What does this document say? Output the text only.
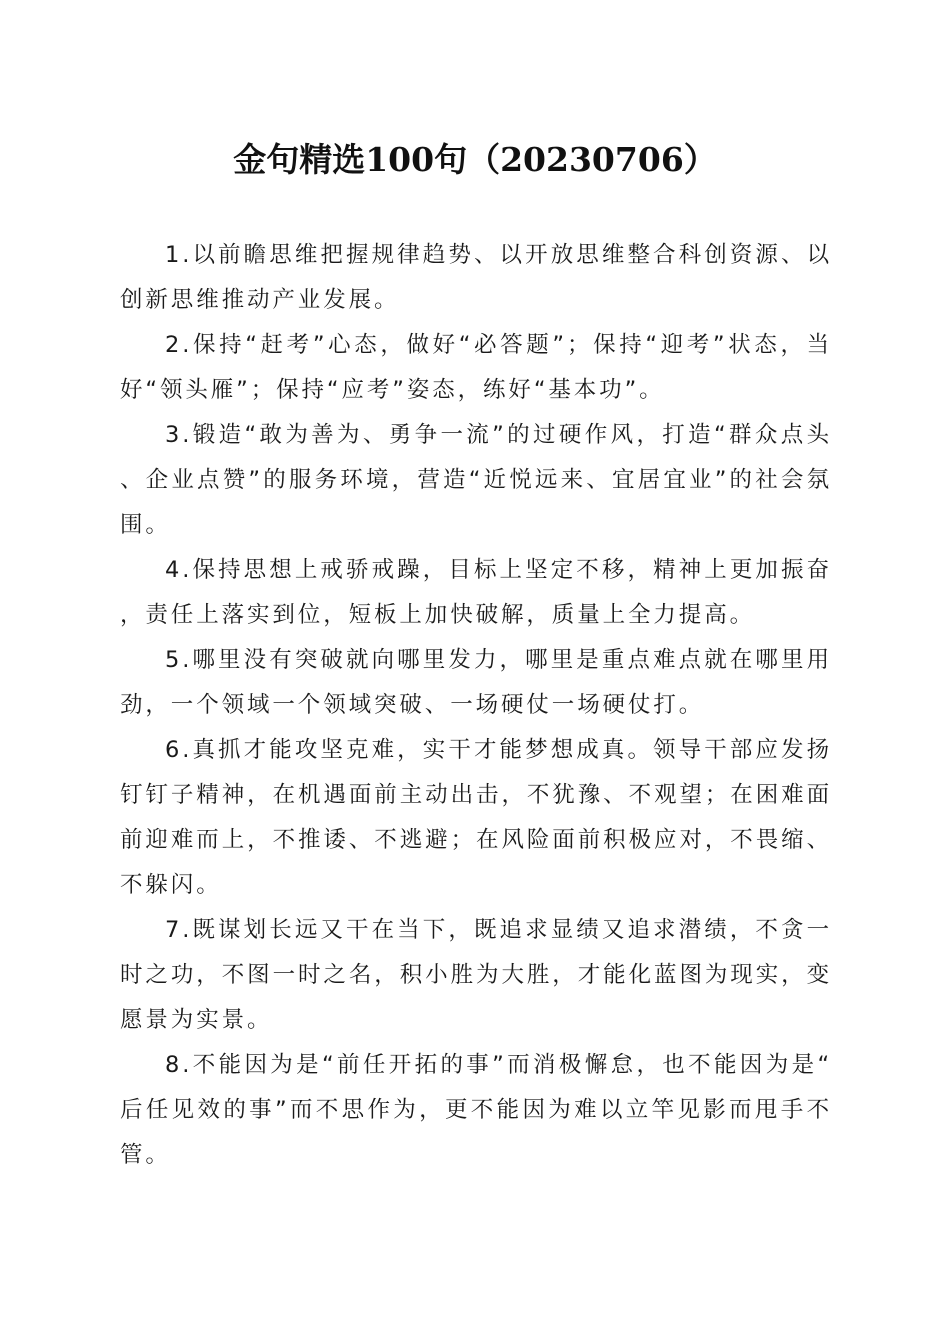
金句精选100句（20230706）

1.以前瞻思维把握规律趋势、以开放思维整合科创资源、以创新思维推动产业发展。

2.保持“赶考”心态，做好“必答题”；保持“迎考”状态，当好“领头雁”；保持“应考”姿态，练好“基本功”。

3.锻造“敢为善为、勇争一流”的过硬作风，打造“群众点头、企业点赞”的服务环境，营造“近悦远来、宜居宜业”的社会氛围。

4.保持思想上戒骄戒躁，目标上坚定不移，精神上更加振奋，责任上落实到位，短板上加快破解，质量上全力提高。

5.哪里没有突破就向哪里发力，哪里是重点难点就在哪里用劲，一个领域一个领域突破、一场硬仗一场硬仗打。

6.真抓才能攻坚克难，实干才能梦想成真。领导干部应发扬钉钉子精神，在机遇面前主动出击，不犹豫、不观望；在困难面前迎难而上，不推诿、不逃避；在风险面前积极应对，不畏缩、不躲闪。

7.既谋划长远又干在当下，既追求显绩又追求潜绩，不贪一时之功，不图一时之名，积小胜为大胜，才能化蓝图为现实，变愿景为实景。

8.不能因为是“前任开拓的事”而消极懈怠，也不能因为是“后任见效的事”而不思作为，更不能因为难以立竿见影而甩手不管。
